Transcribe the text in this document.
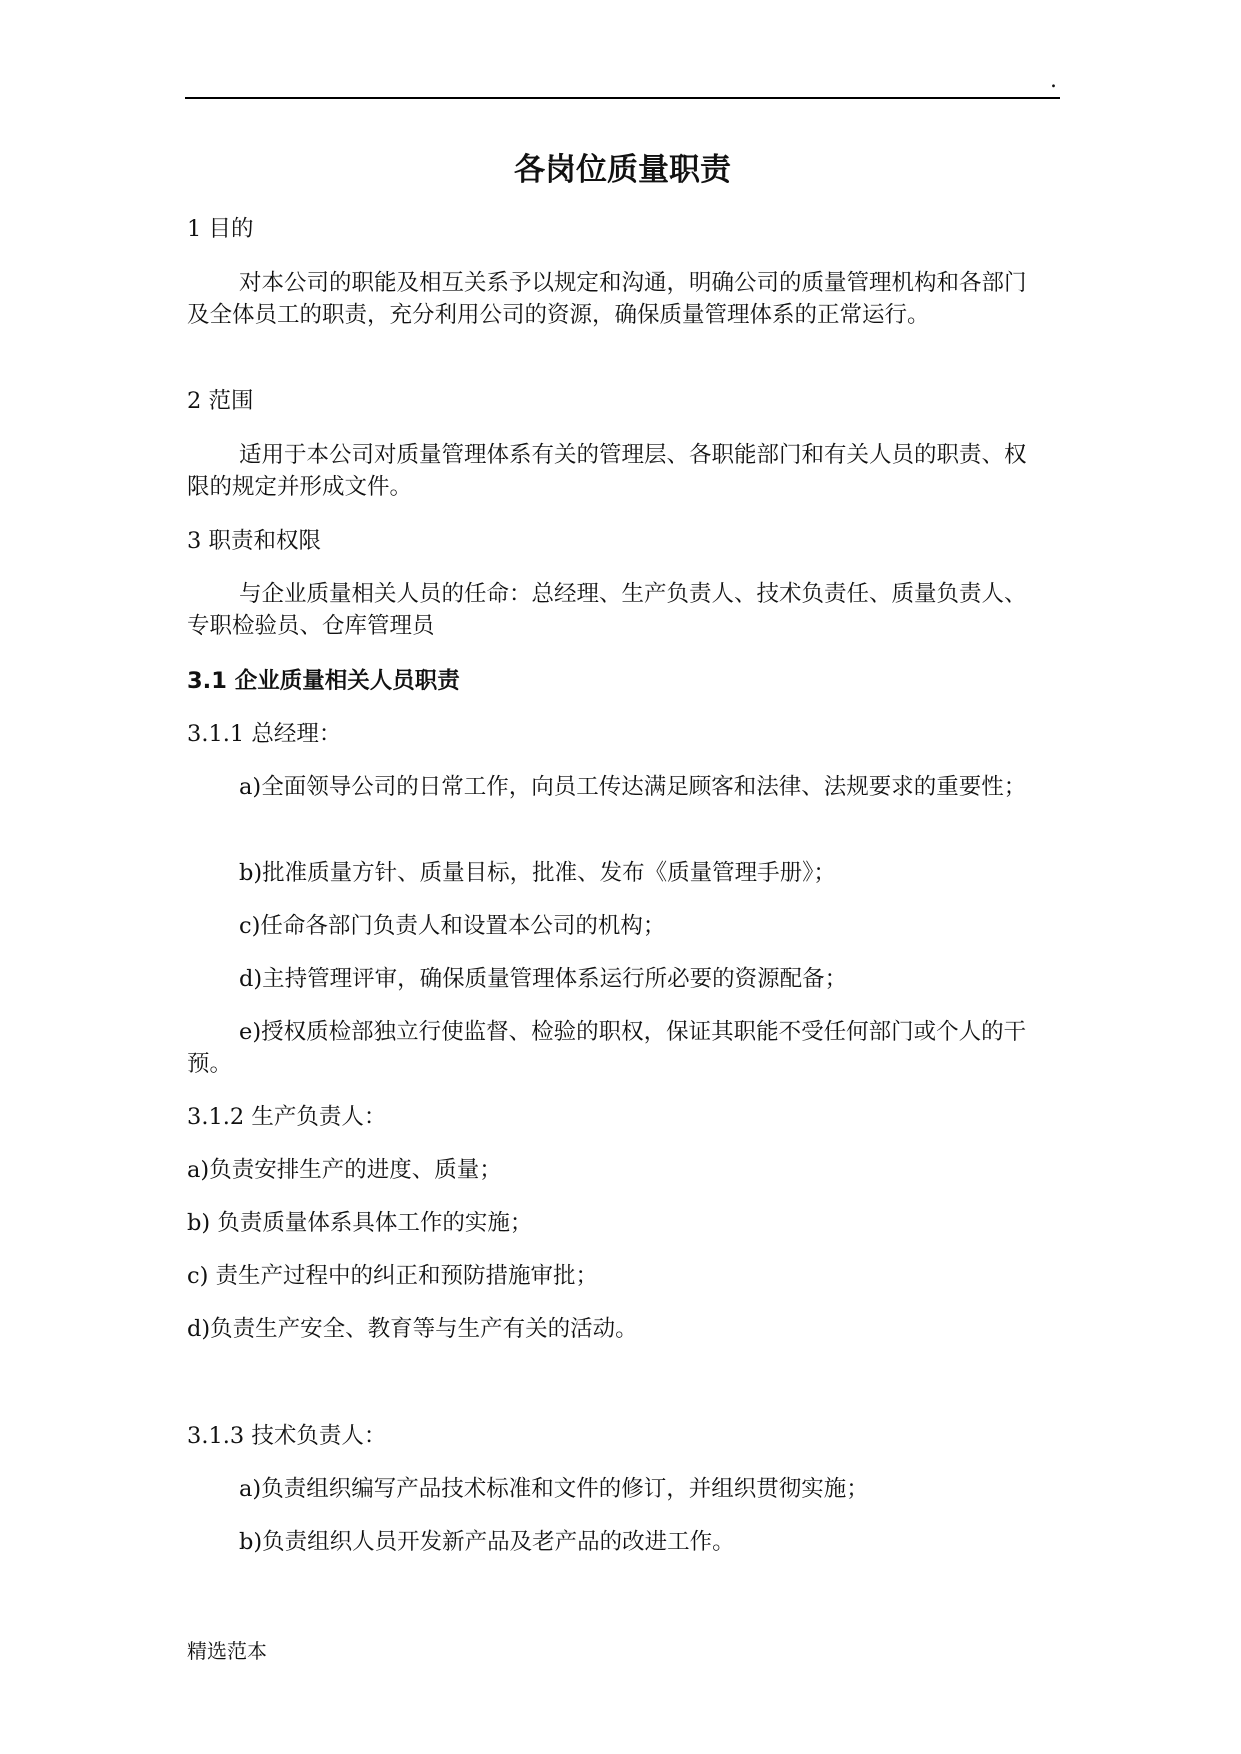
.
各岗位质量职责

1 目的

对本公司的职能及相互关系予以规定和沟通，明确公司的质量管理机构和各部门及全体员工的职责，充分利用公司的资源，确保质量管理体系的正常运行。

2 范围

适用于本公司对质量管理体系有关的管理层、各职能部门和有关人员的职责、权限的规定并形成文件。

3 职责和权限

与企业质量相关人员的任命：总经理、生产负责人、技术负责任、质量负责人、专职检验员、仓库管理员

3.1 企业质量相关人员职责

3.1.1 总经理：

a)全面领导公司的日常工作，向员工传达满足顾客和法律、法规要求的重要性；

b)批准质量方针、质量目标，批准、发布《质量管理手册》；

c)任命各部门负责人和设置本公司的机构；

d)主持管理评审，确保质量管理体系运行所必要的资源配备；

e)授权质检部独立行使监督、检验的职权，保证其职能不受任何部门或个人的干预。

3.1.2 生产负责人：

a)负责安排生产的进度、质量；

b) 负责质量体系具体工作的实施；

c) 责生产过程中的纠正和预防措施审批；

d)负责生产安全、教育等与生产有关的活动。

3.1.3 技术负责人：

a)负责组织编写产品技术标准和文件的修订，并组织贯彻实施；

b)负责组织人员开发新产品及老产品的改进工作。

精选范本
